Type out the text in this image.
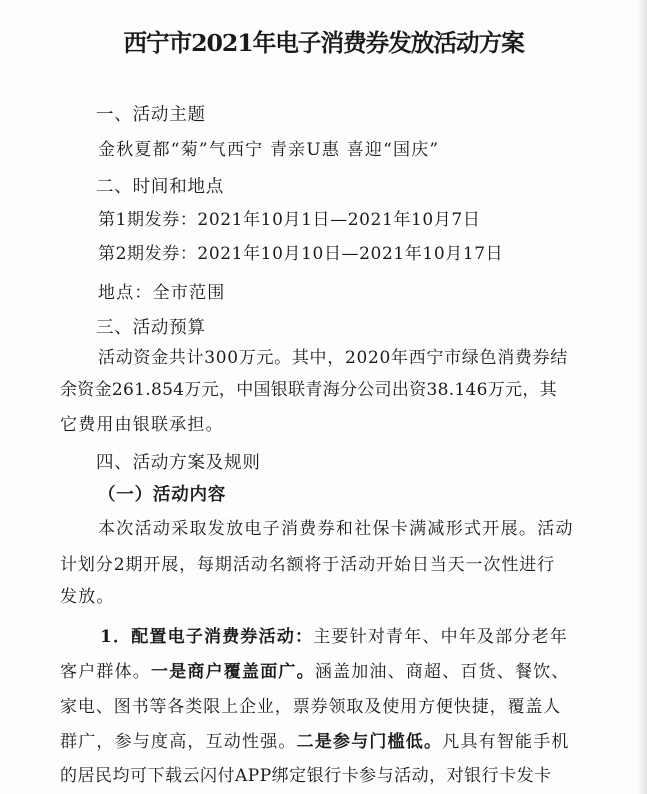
西宁市2021年电子消费券发放活动方案
一、活动主题
金秋夏都“菊”气西宁 青亲U惠 喜迎“国庆”
二、时间和地点
第1期发券：2021年10月1日—2021年10月7日
第2期发券：2021年10月10日—2021年10月17日
地点：全市范围
三、活动预算
活动资金共计300万元。其中，2020年西宁市绿色消费券结
余资金261.854万元，中国银联青海分公司出资38.146万元，其
它费用由银联承担。
四、活动方案及规则
（一）活动内容
本次活动采取发放电子消费券和社保卡满减形式开展。活动
计划分2期开展，每期活动名额将于活动开始日当天一次性进行
发放。
1．配置电子消费券活动：主要针对青年、中年及部分老年
客户群体。一是商户覆盖面广。涵盖加油、商超、百货、餐饮、
家电、图书等各类限上企业，票券领取及使用方便快捷，覆盖人
群广，参与度高，互动性强。二是参与门槛低。凡具有智能手机
的居民均可下载云闪付APP绑定银行卡参与活动，对银行卡发卡
